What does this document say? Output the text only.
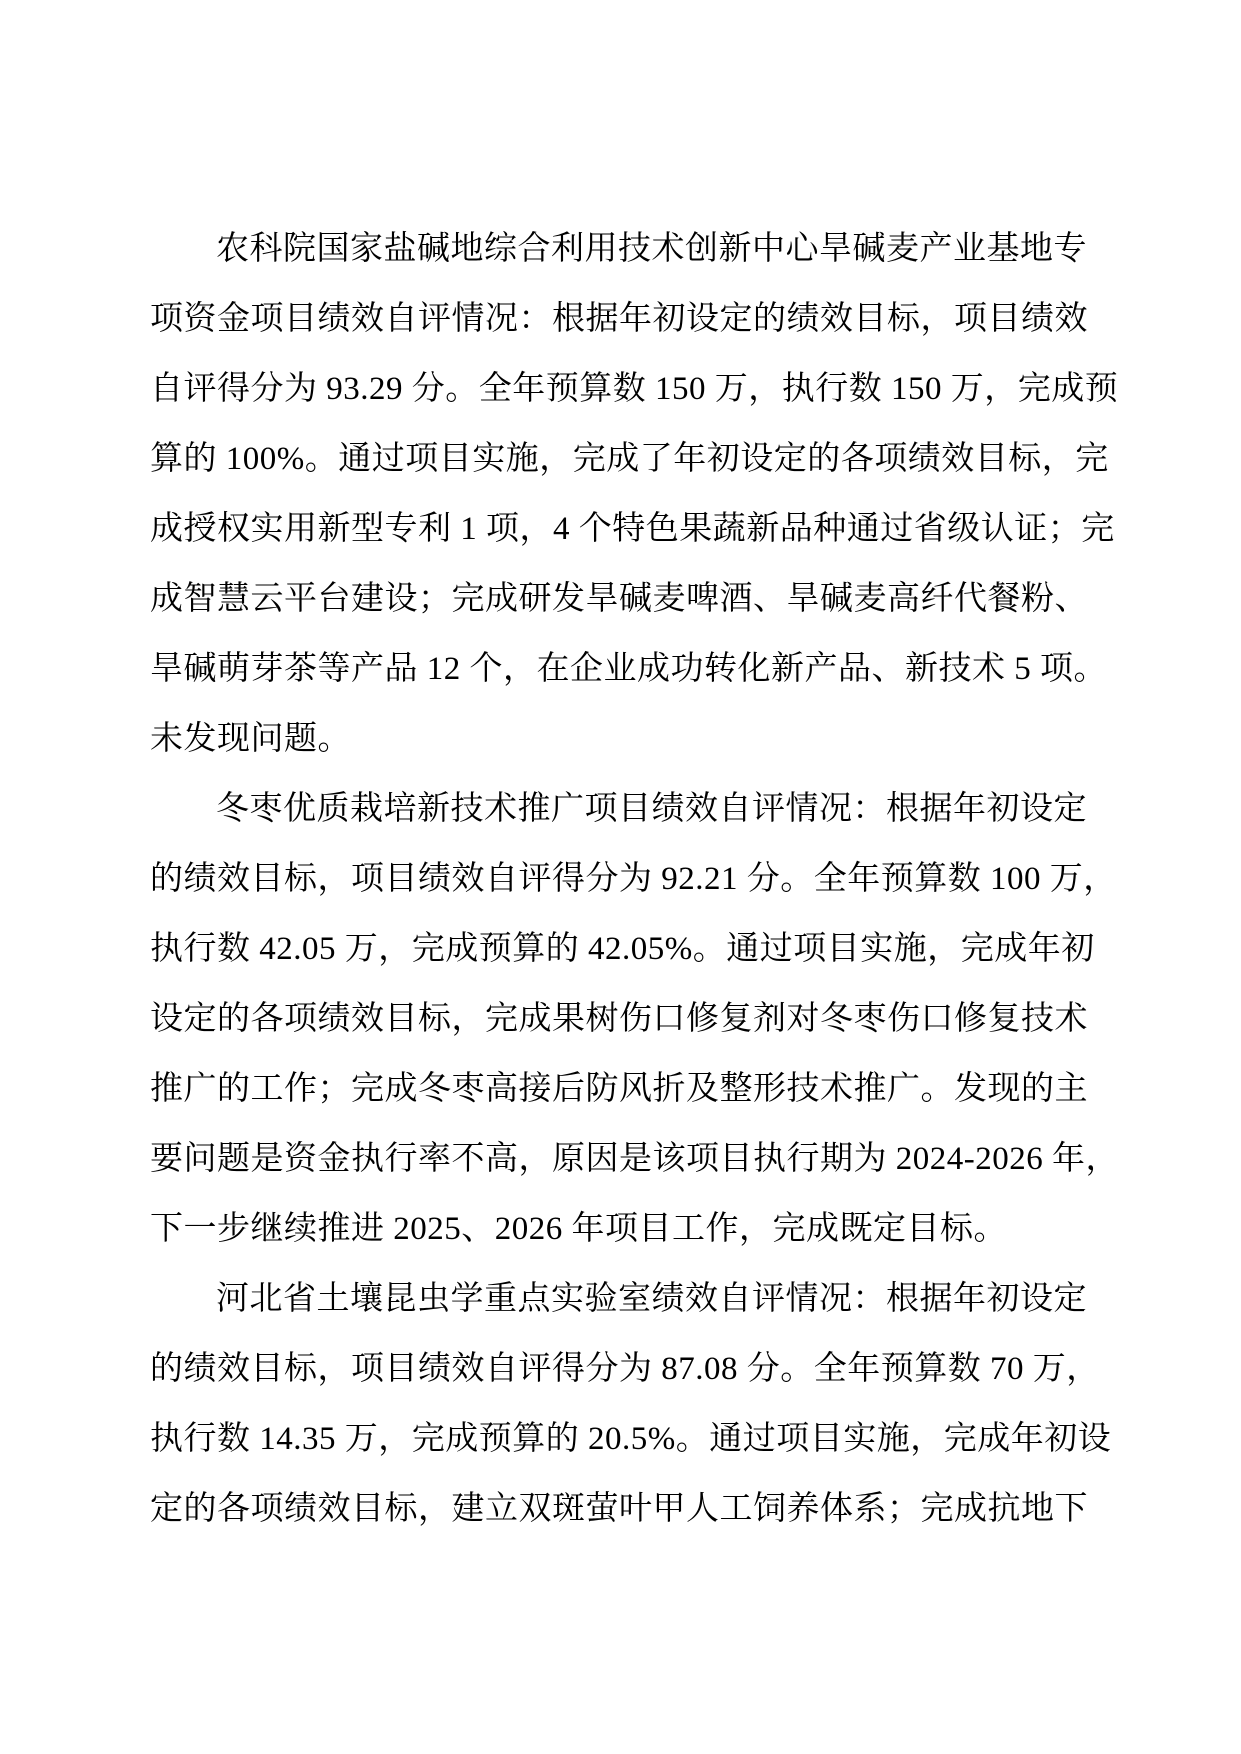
农科院国家盐碱地综合利用技术创新中心旱碱麦产业基地专
项资金项目绩效自评情况：根据年初设定的绩效目标，项目绩效
自评得分为 93.29 分。全年预算数 150 万，执行数 150 万，完成预
算的 100%。通过项目实施，完成了年初设定的各项绩效目标，完
成授权实用新型专利 1 项，4 个特色果蔬新品种通过省级认证；完
成智慧云平台建设；完成研发旱碱麦啤酒、旱碱麦高纤代餐粉、
旱碱萌芽茶等产品 12 个，在企业成功转化新产品、新技术 5 项。
未发现问题。
冬枣优质栽培新技术推广项目绩效自评情况：根据年初设定
的绩效目标，项目绩效自评得分为 92.21 分。全年预算数 100 万，
执行数 42.05 万，完成预算的 42.05%。通过项目实施，完成年初
设定的各项绩效目标，完成果树伤口修复剂对冬枣伤口修复技术
推广的工作；完成冬枣高接后防风折及整形技术推广。发现的主
要问题是资金执行率不高，原因是该项目执行期为 2024-2026 年，
下一步继续推进 2025、2026 年项目工作，完成既定目标。
河北省土壤昆虫学重点实验室绩效自评情况：根据年初设定
的绩效目标，项目绩效自评得分为 87.08 分。全年预算数 70 万，
执行数 14.35 万，完成预算的 20.5%。通过项目实施，完成年初设
定的各项绩效目标，建立双斑萤叶甲人工饲养体系；完成抗地下
